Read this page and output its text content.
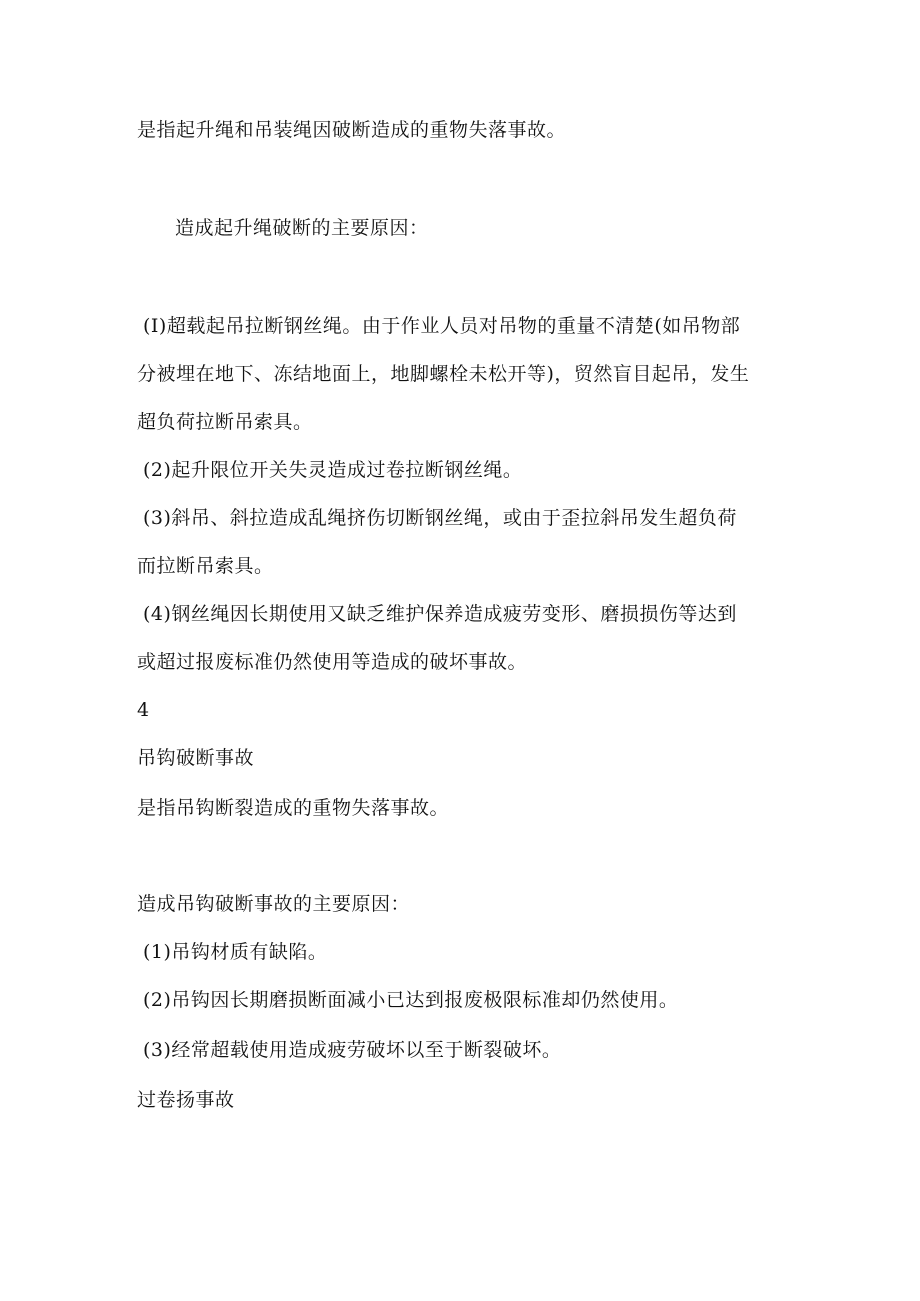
是指起升绳和吊装绳因破断造成的重物失落事故。
造成起升绳破断的主要原因：
(I)超载起吊拉断钢丝绳。由于作业人员对吊物的重量不清楚(如吊物部
分被埋在地下、冻结地面上，地脚螺栓未松开等)，贸然盲目起吊，发生
超负荷拉断吊索具。
(2)起升限位开关失灵造成过卷拉断钢丝绳。
(3)斜吊、斜拉造成乱绳挤伤切断钢丝绳，或由于歪拉斜吊发生超负荷
而拉断吊索具。
(4)钢丝绳因长期使用又缺乏维护保养造成疲劳变形、磨损损伤等达到
或超过报废标准仍然使用等造成的破坏事故。
4
吊钩破断事故
是指吊钩断裂造成的重物失落事故。
造成吊钩破断事故的主要原因：
(1)吊钩材质有缺陷。
(2)吊钩因长期磨损断面减小已达到报废极限标准却仍然使用。
(3)经常超载使用造成疲劳破坏以至于断裂破坏。
过卷扬事故
